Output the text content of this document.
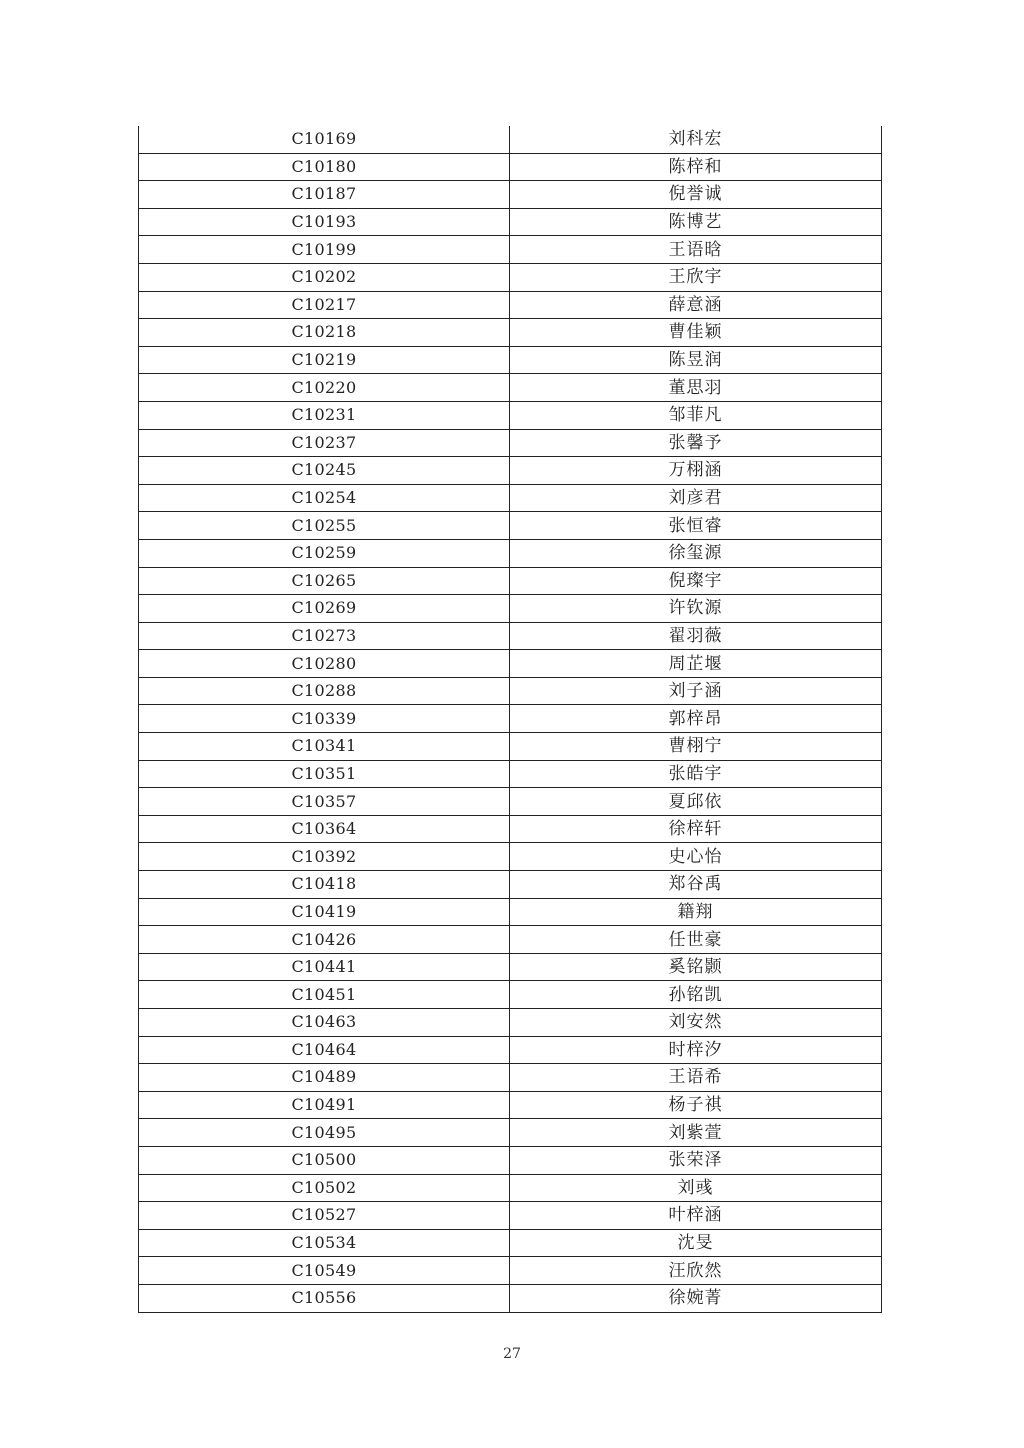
C10169	刘科宏
C10180	陈梓和
C10187	倪誉诚
C10193	陈博艺
C10199	王语晗
C10202	王欣宇
C10217	薛意涵
C10218	曹佳颖
C10219	陈昱润
C10220	董思羽
C10231	邹菲凡
C10237	张馨予
C10245	万栩涵
C10254	刘彦君
C10255	张恒睿
C10259	徐玺源
C10265	倪璨宇
C10269	许钦源
C10273	翟羽薇
C10280	周芷堰
C10288	刘子涵
C10339	郭梓昂
C10341	曹栩宁
C10351	张皓宇
C10357	夏邱依
C10364	徐梓轩
C10392	史心怡
C10418	郑谷禹
C10419	籍翔
C10426	任世豪
C10441	奚铭颢
C10451	孙铭凯
C10463	刘安然
C10464	时梓汐
C10489	王语希
C10491	杨子祺
C10495	刘紫萱
C10500	张荣泽
C10502	刘彧
C10527	叶梓涵
C10534	沈旻
C10549	汪欣然
C10556	徐婉菁
27
